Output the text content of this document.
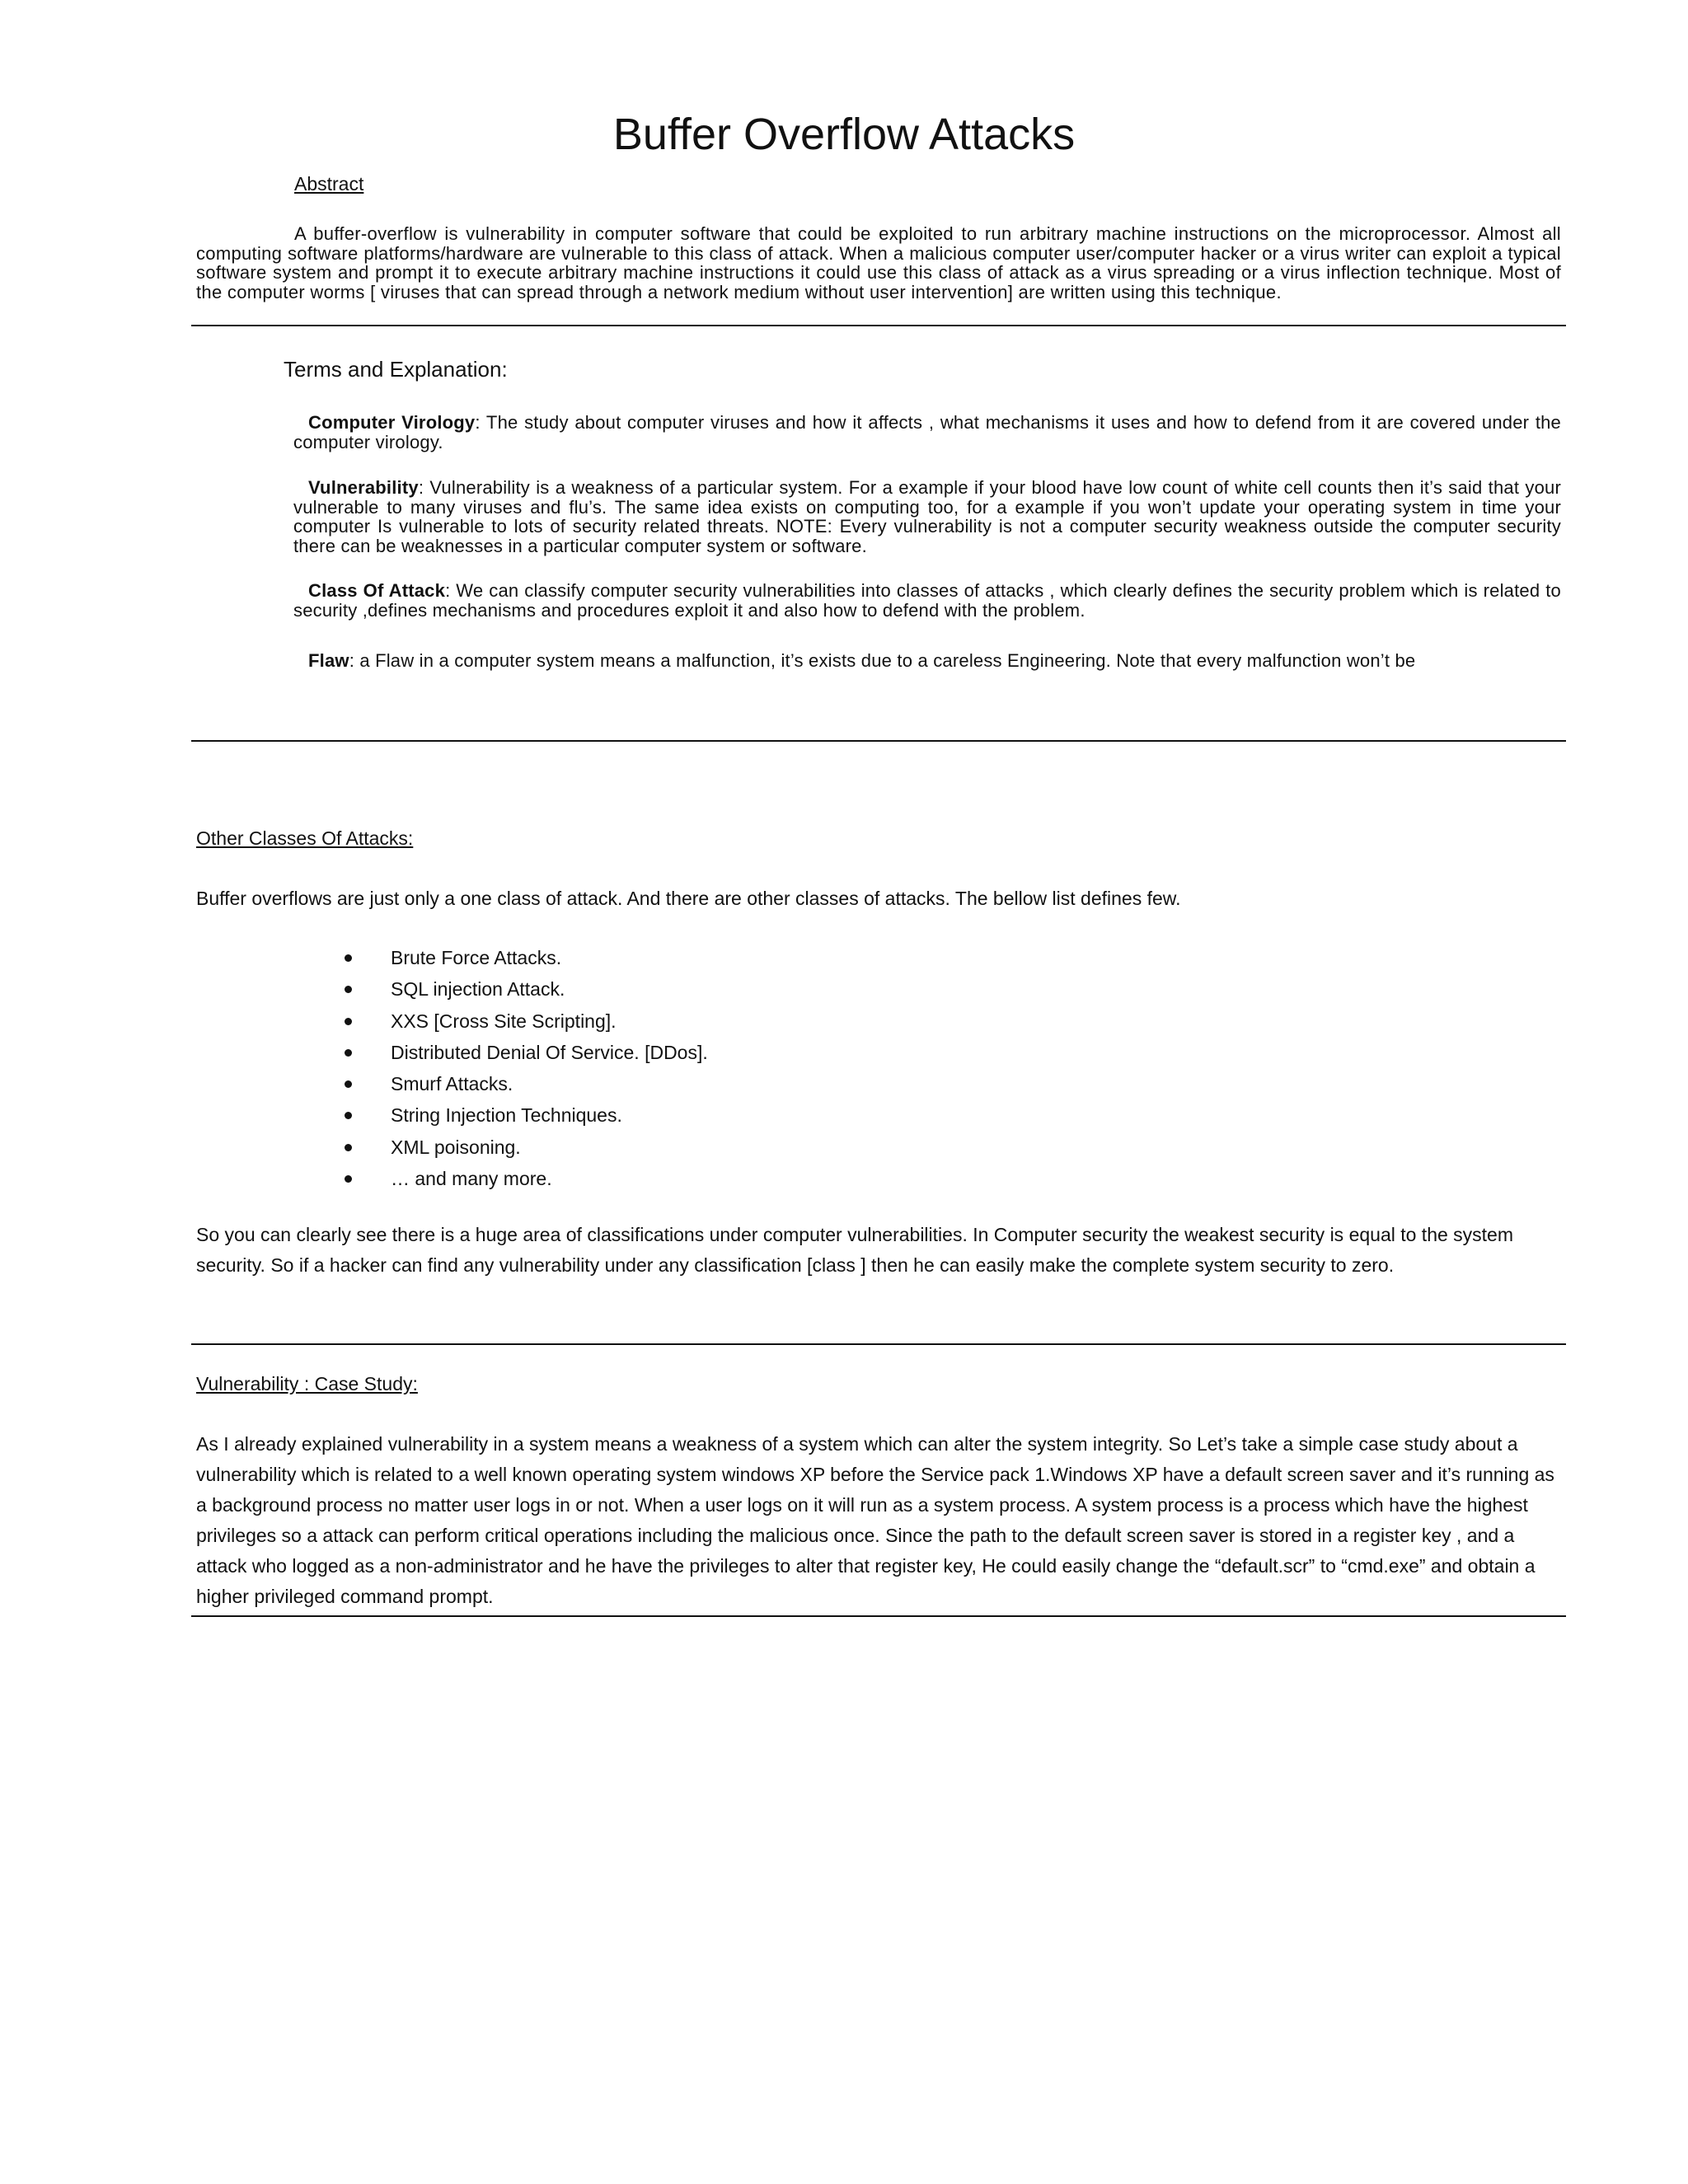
Buffer Overflow Attacks
Abstract

A buffer-overflow is vulnerability in computer software that could be exploited to run arbitrary machine instructions on the microprocessor. Almost all computing software platforms/hardware are vulnerable to this class of attack. When a malicious computer user/computer hacker or a virus writer can exploit a typical software system and prompt it to execute arbitrary machine instructions it could use this class of attack as a virus spreading or a virus inflection technique. Most of the computer worms [ viruses that can spread through a network medium without user intervention] are written using this technique.

Terms and Explanation:

Computer Virology: The study about computer viruses and how it affects , what mechanisms it uses and how to defend from it are covered under the computer virology.

Vulnerability: Vulnerability is a weakness of a particular system. For a example if your blood have low count of white cell counts then it’s said that your vulnerable to many viruses and flu’s. The same idea exists on computing too, for a example if you won’t update your operating system in time your computer Is vulnerable to lots of security related threats. NOTE: Every vulnerability is not a computer security weakness outside the computer security there can be weaknesses in a particular computer system or software.

Class Of Attack: We can classify computer security vulnerabilities into classes of attacks , which clearly defines the security problem which is related to security ,defines mechanisms and procedures exploit it and also how to defend with the problem.

Flaw: a Flaw in a computer system means a malfunction, it’s exists due to a careless Engineering. Note that every malfunction won’t be

Other Classes Of Attacks:

Buffer overflows are just only a one class of attack. And there are other classes of attacks. The bellow list defines few.

Brute Force Attacks.
SQL injection Attack.
XXS [Cross Site Scripting].
Distributed Denial Of Service. [DDos].
Smurf Attacks.
String Injection Techniques.
XML poisoning.
… and many more.

So you can clearly see there is a huge area of classifications under computer vulnerabilities. In Computer security the weakest security is equal to the system security. So if a hacker can find any vulnerability under any classification [class ] then he can easily make the complete system security to zero.

Vulnerability : Case Study:

As I already explained vulnerability in a system means a weakness of a system which can alter the system integrity. So Let’s take a simple case study about a vulnerability which is related to a well known operating system windows XP before the Service pack 1.Windows XP have a default screen saver and it’s running as a background process no matter user logs in or not. When a user logs on it will run as a system process. A system process is a process which have the highest privileges so a attack can perform critical operations including the malicious once. Since the path to the default screen saver is stored in a register key , and a attack who logged as a non-administrator and he have the privileges to alter that register key, He could easily change the “default.scr” to “cmd.exe” and obtain a higher privileged command prompt.
